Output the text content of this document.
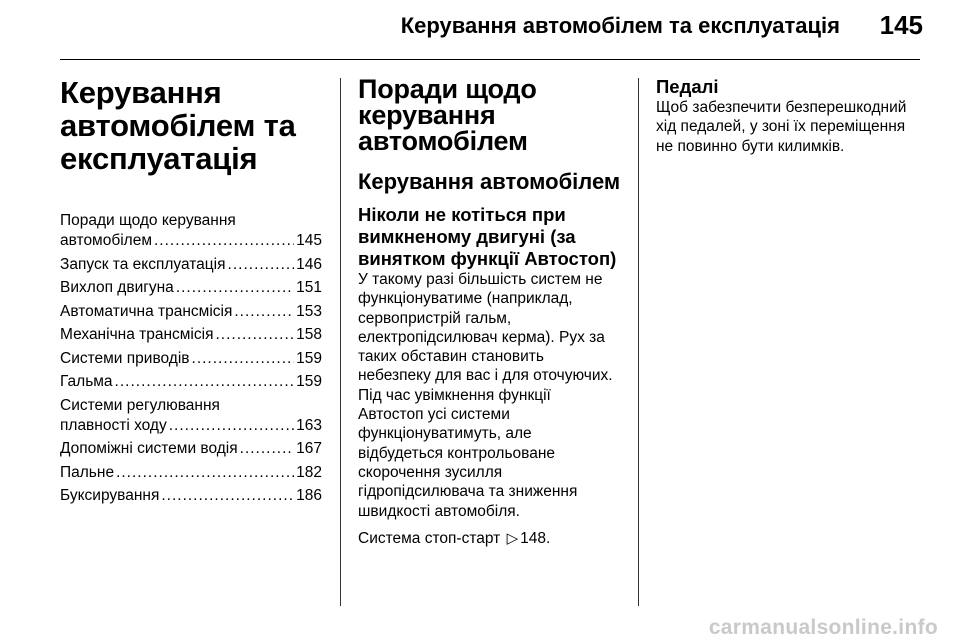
Керування автомобілем та експлуатація 145
Керування
автомобілем та
експлуатація
Поради щодо керування
автомобілем .....	145
Запуск та експлуатація .....	146
Вихлоп двигуна .....	151
Автоматична трансмісія .....	153
Механічна трансмісія .....	158
Системи приводів .....	159
Гальма .....	159
Системи регулювання
плавності ходу .....	163
Допоміжні системи водія .....	167
Пальне .....	182
Буксирування .....	186
Поради щодо
керування
автомобілем
Керування автомобілем
Ніколи не котіться при
вимкненому двигуні (за
винятком функції Автостоп)

У такому разі більшість систем не
функціонуватиме (наприклад,
сервопристрій гальм,
електропідсилювач керма). Рух за
таких обставин становить
небезпеку для вас і для оточуючих.
Під час увімкнення функції
Автостоп усі системи
функціонуватимуть, але
відбудеться контрольоване
скорочення зусилля
гідропідсилювача та зниження
швидкості автомобіля.

Система стоп-старт ▷ 148.

Педалі

Щоб забезпечити безперешкодний
хід педалей, у зоні їх переміщення
не повинно бути килимків.

carmanualsonline.info
